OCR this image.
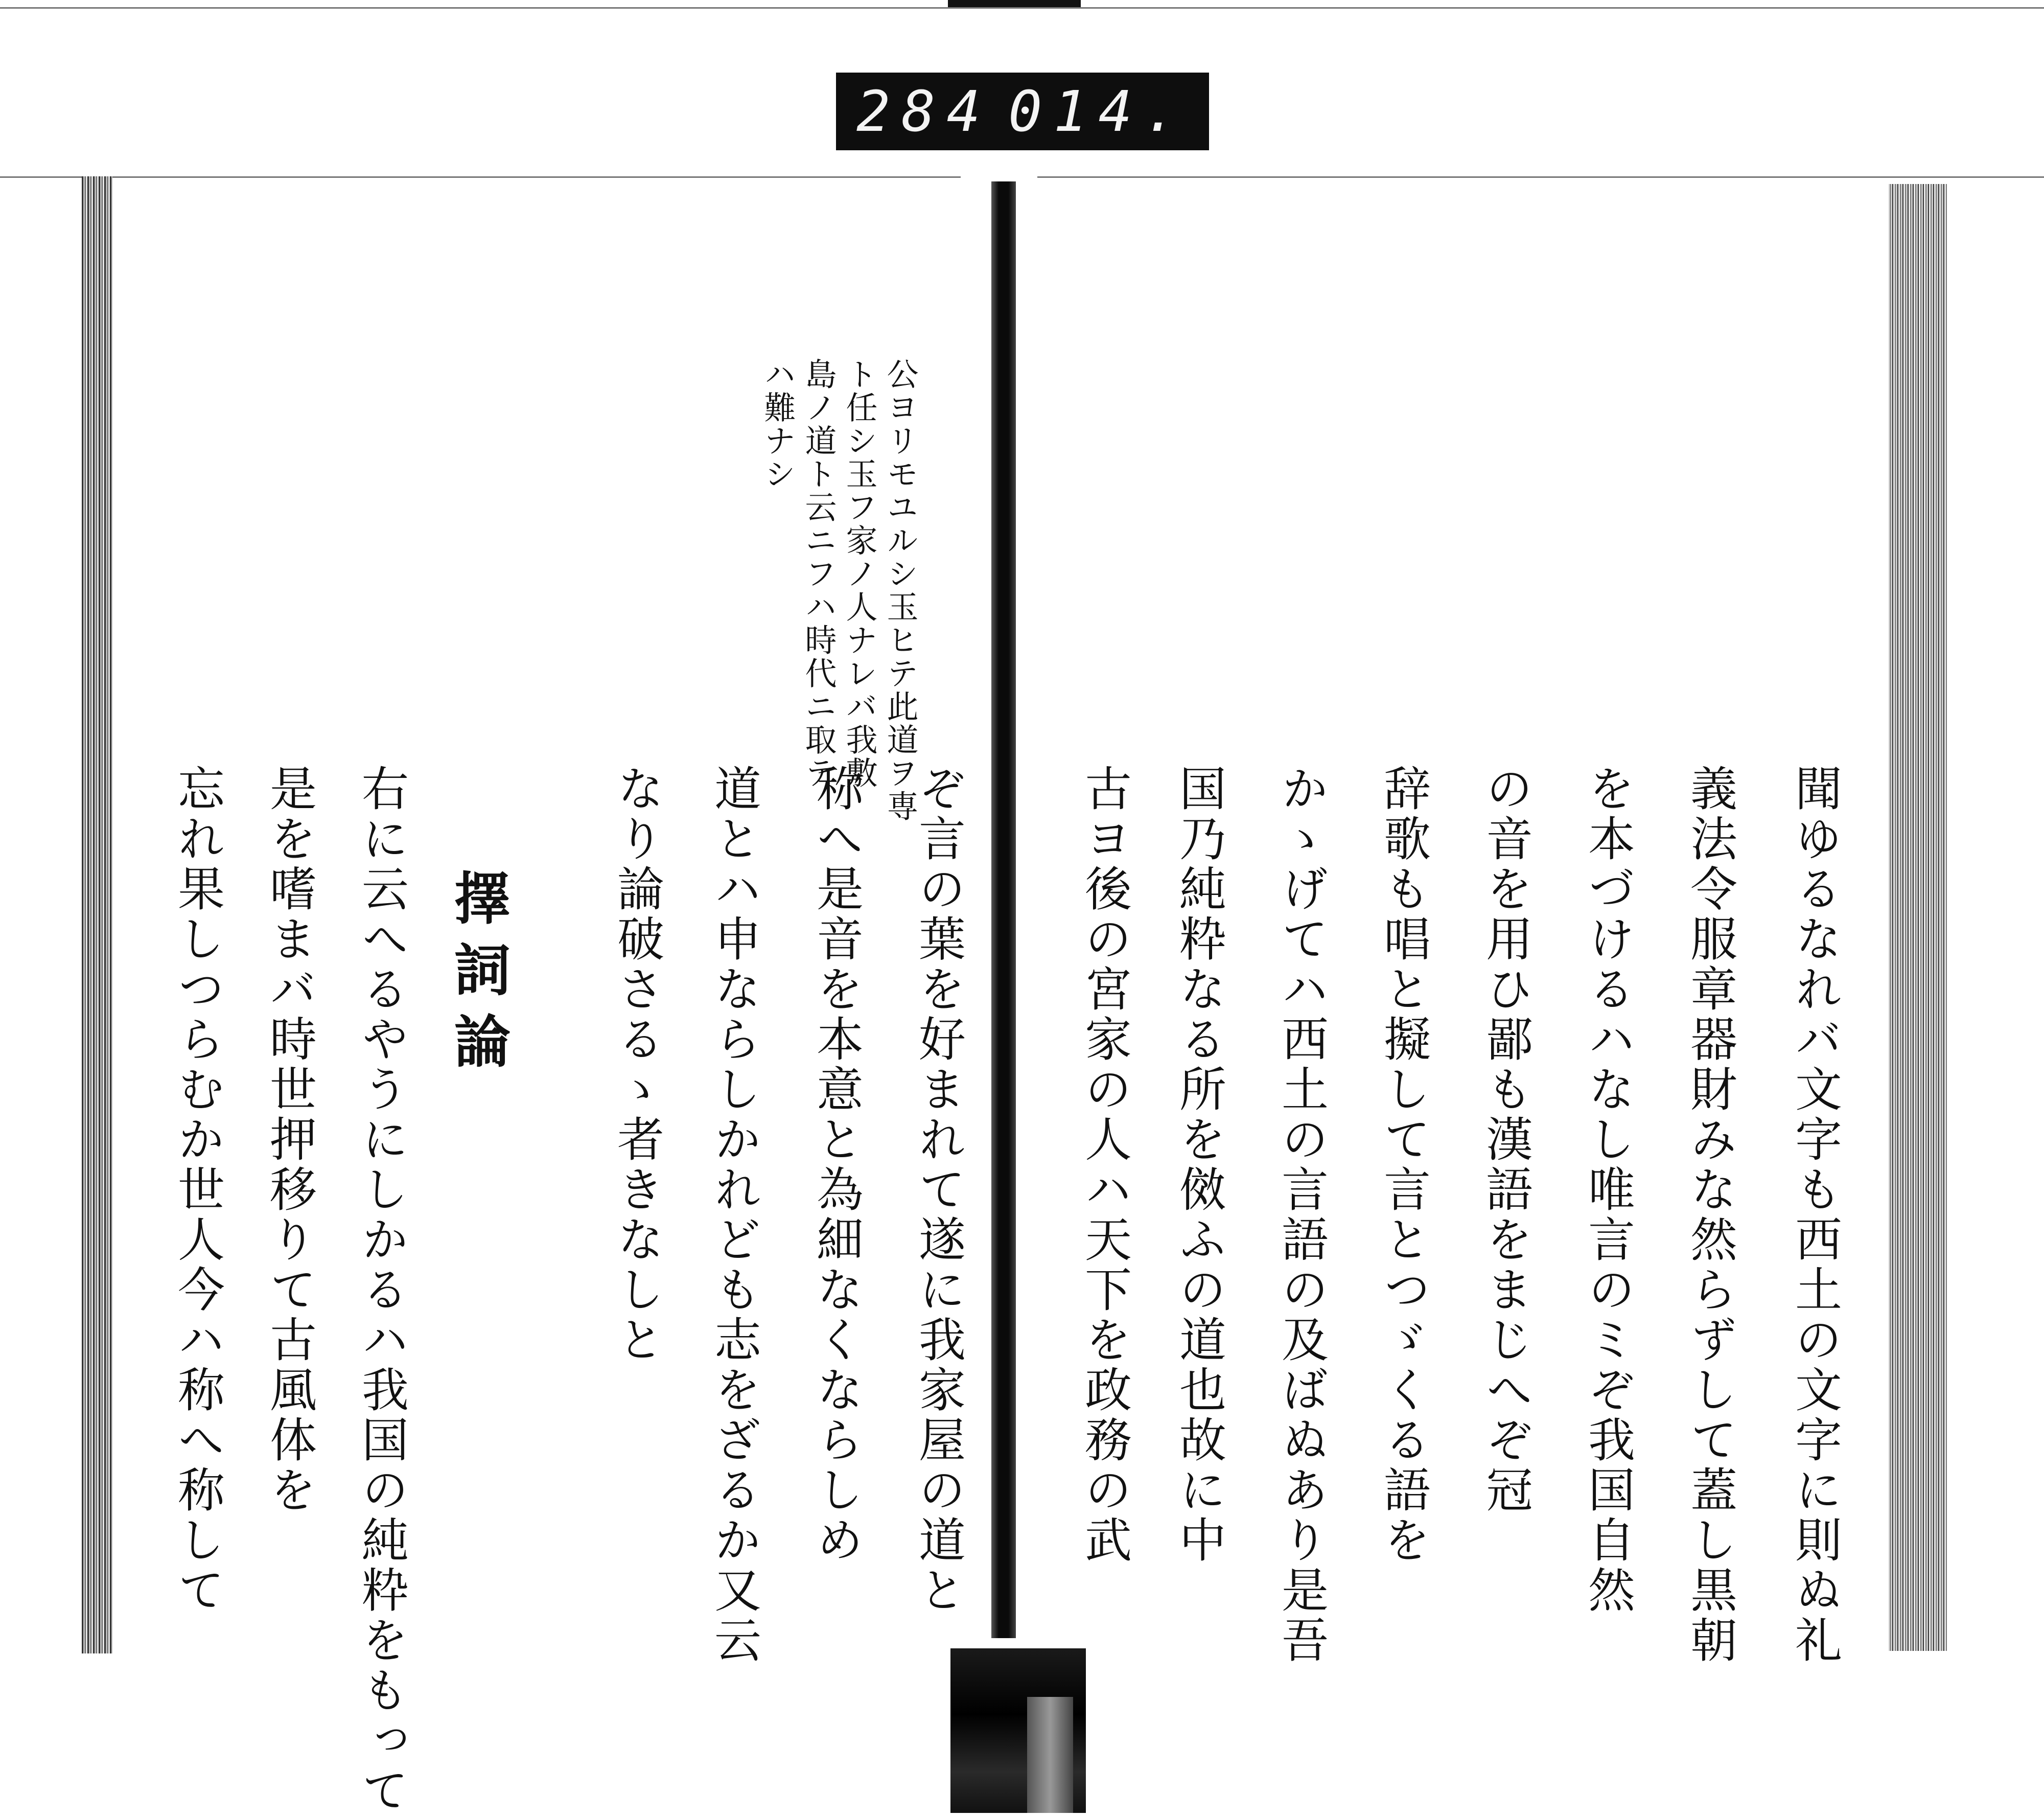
284 014.
聞ゆるなれバ文字も西土の文字に則ぬ礼
義法令服章器財みな然らずして蓋し黒朝
を本づけるハなし唯言のミぞ我国自然
の音を用ひ鄙も漢語をまじへぞ冠
辞歌も唱と擬して言とつゞくる語を
かゝげてハ西土の言語の及ばぬあり是吾
国乃純粋なる所を傚ふの道也故に中
古ヨ後の宮家の人ハ天下を政務の武
公ヨリモユルシ玉ヒテ此道ヲ専
ト任シ玉フ家ノ人ナレバ我敷
島ノ道ト云ニフハ時代ニ取テ
ハ難ナシ
ぞ言の葉を好まれて遂に我家屋の道と
称へ是音を本意と為細なくならしめ
道とハ申ならしかれども志をざるか又云
なり論破さるゝ者きなしと
擇詞論
右に云へるやうにしかるハ我国の純粋をもって
是を嗜まバ時世押移りて古風体を
忘れ果しつらむか世人今ハ称へ称して
